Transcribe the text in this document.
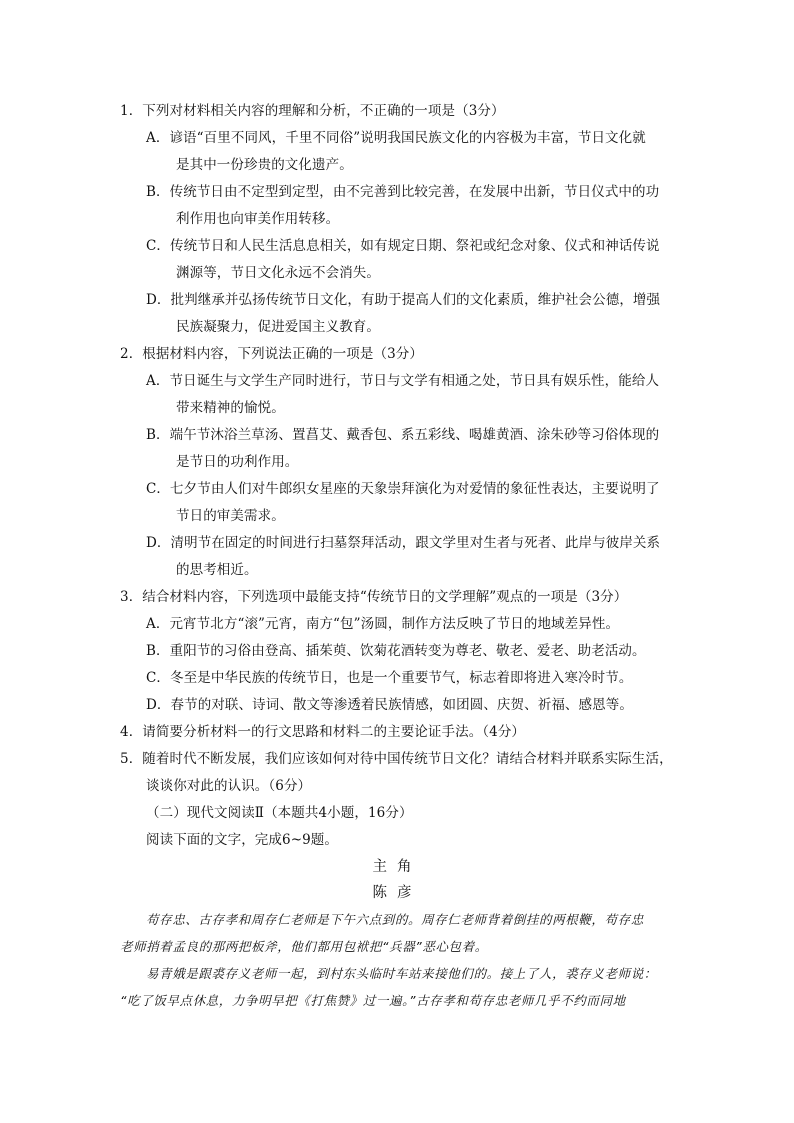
1．下列对材料相关内容的理解和分析，不正确的一项是（3分）
A．谚语“百里不同风，千里不同俗”说明我国民族文化的内容极为丰富，节日文化就
是其中一份珍贵的文化遗产。
B．传统节日由不定型到定型，由不完善到比较完善，在发展中出新，节日仪式中的功
利作用也向审美作用转移。
C．传统节日和人民生活息息相关，如有规定日期、祭祀或纪念对象、仪式和神话传说
渊源等，节日文化永远不会消失。
D．批判继承并弘扬传统节日文化，有助于提高人们的文化素质，维护社会公德，增强
民族凝聚力，促进爱国主义教育。
2．根据材料内容，下列说法正确的一项是（3分）
A．节日诞生与文学生产同时进行，节日与文学有相通之处，节日具有娱乐性，能给人
带来精神的愉悦。
B．端午节沐浴兰草汤、置菖艾、戴香包、系五彩线、喝雄黄酒、涂朱砂等习俗体现的
是节日的功利作用。
C．七夕节由人们对牛郎织女星座的天象崇拜演化为对爱情的象征性表达，主要说明了
节日的审美需求。
D．清明节在固定的时间进行扫墓祭拜活动，跟文学里对生者与死者、此岸与彼岸关系
的思考相近。
3．结合材料内容，下列选项中最能支持“传统节日的文学理解”观点的一项是（3分）
A．元宵节北方“滚”元宵，南方“包”汤圆，制作方法反映了节日的地域差异性。
B．重阳节的习俗由登高、插茱萸、饮菊花酒转变为尊老、敬老、爱老、助老活动。
C．冬至是中华民族的传统节日，也是一个重要节气，标志着即将进入寒冷时节。
D．春节的对联、诗词、散文等渗透着民族情感，如团圆、庆贺、祈福、感恩等。
4．请简要分析材料一的行文思路和材料二的主要论证手法。（4分）
5．随着时代不断发展，我们应该如何对待中国传统节日文化？请结合材料并联系实际生活，
谈谈你对此的认识。（6分）
（二）现代文阅读Ⅱ（本题共4小题，16分）
阅读下面的文字，完成6~9题。
主角
陈彦
苟存忠、古存孝和周存仁老师是下午六点到的。周存仁老师背着倒挂的两根鞭，苟存忠
老师捎着孟良的那两把板斧，他们都用包袱把“兵器”恶心包着。
易青娥是跟裘存义老师一起，到村东头临时车站来接他们的。接上了人，裘存义老师说：
“吃了饭早点休息，力争明早把《打焦赞》过一遍。”古存孝和苟存忠老师几乎不约而同地
